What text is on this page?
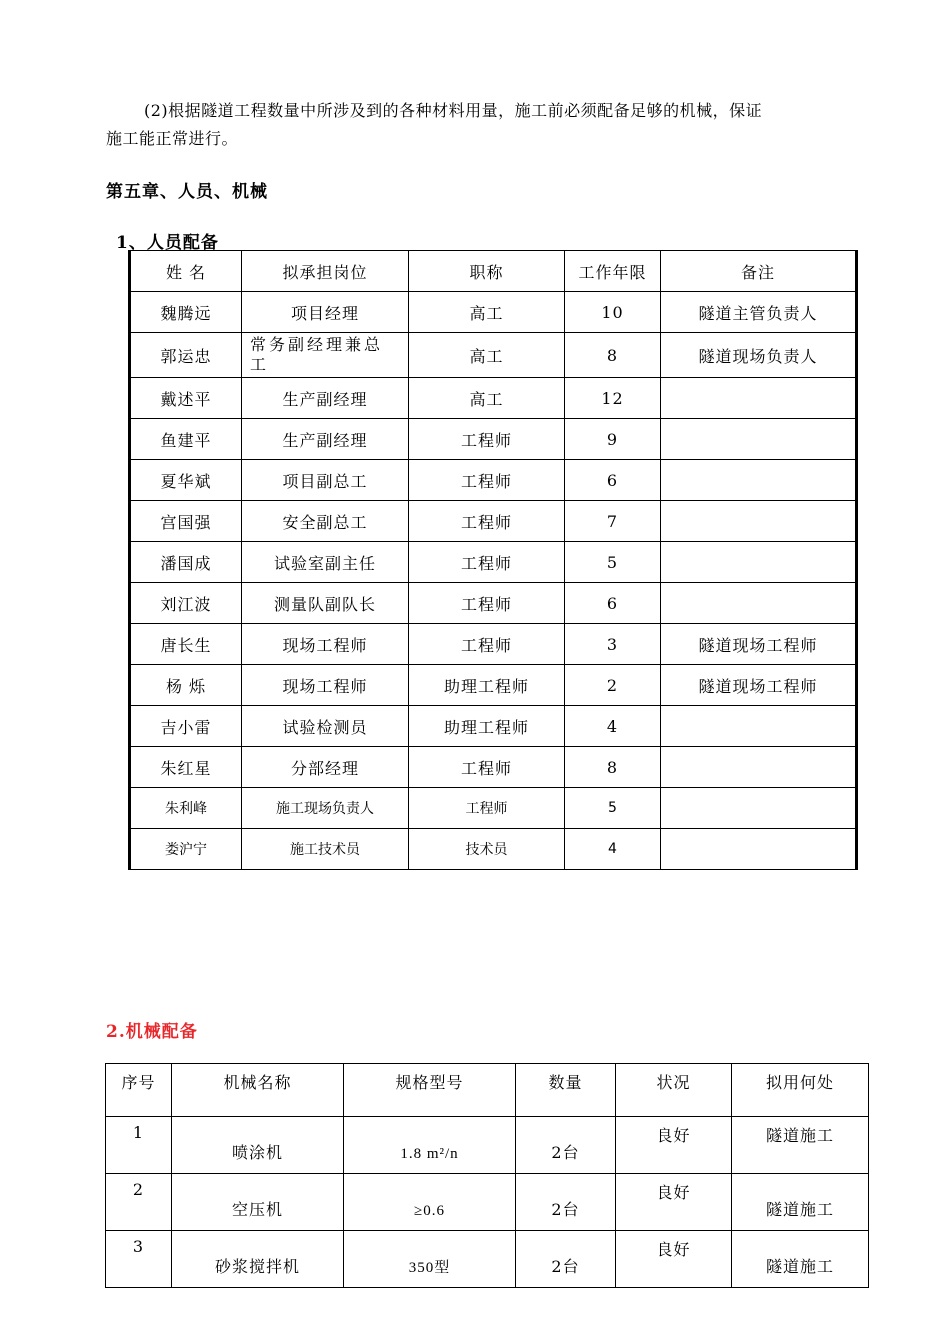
(2)根据隧道工程数量中所涉及到的各种材料用量，施工前必须配备足够的机械，保证
施工能正常进行。
第五章、人员、机械
1、人员配备
姓 名	拟承担岗位	职称	工作年限	备注
魏腾远	项目经理	高工	10	隧道主管负责人
郭运忠	常务副经理兼总工	高工	8	隧道现场负责人
戴述平	生产副经理	高工	12	
鱼建平	生产副经理	工程师	9	
夏华斌	项目副总工	工程师	6	
宫国强	安全副总工	工程师	7	
潘国成	试验室副主任	工程师	5	
刘江波	测量队副队长	工程师	6	
唐长生	现场工程师	工程师	3	隧道现场工程师
杨 烁	现场工程师	助理工程师	2	隧道现场工程师
吉小雷	试验检测员	助理工程师	4	
朱红星	分部经理	工程师	8	
朱利峰	施工现场负责人	工程师	5	
娄沪宁	施工技术员	技术员	4	
2.机械配备
序号	机械名称	规格型号	数量	状况	拟用何处
1	喷涂机	1.8 m²/n	2台	良好	隧道施工
2	空压机	≥0.6	2台	良好	隧道施工
3	砂浆搅拌机	350型	2台	良好	隧道施工
